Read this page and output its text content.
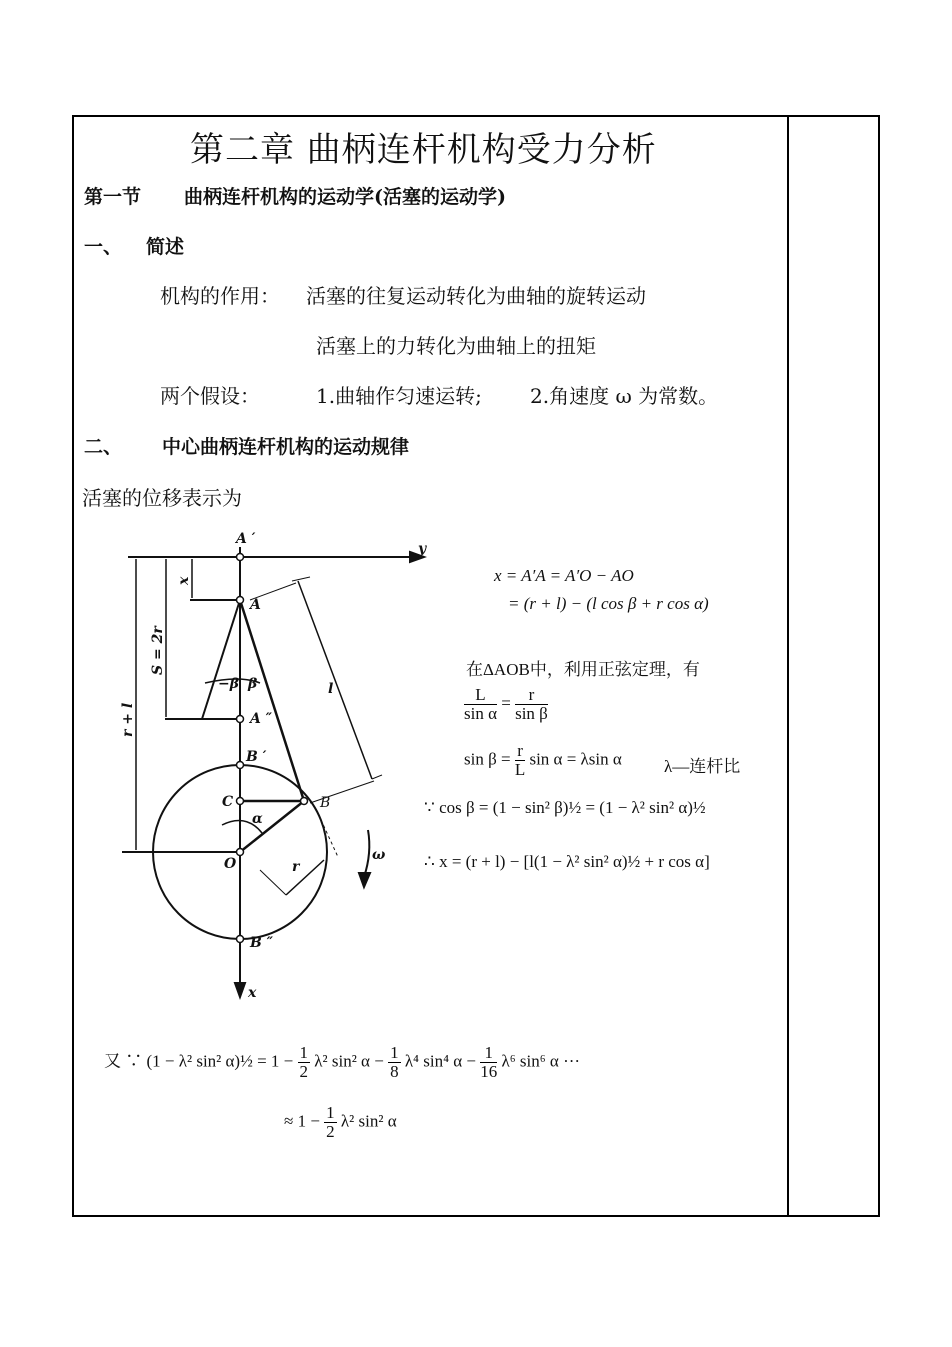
第二章 曲柄连杆机构受力分析
第一节 曲柄连杆机构的运动学(活塞的运动学)
一、 简述
机构的作用： 活塞的往复运动转化为曲轴的旋转运动
活塞上的力转化为曲轴上的扭矩
两个假设：	1.曲轴作匀速运转; 2.角速度 ω 为常数。
二、 中心曲柄连杆机构的运动规律
活塞的位移表示为
A ′
y
A
A ″
B ′
C	B
O
B ″
x
−β β
α
ω
l
r
x
S = 2r
r + l
x = A′A = A′O − AO
= (r + l) − (l cos β + r cos α)
在ΔAOB中，利用正弦定理，有
$\frac{L}{\text{sin α}} = \frac{r}{\text{sin β}}$
$\sin \beta = \frac{r}{L}$ sin α = λsin α λ—连杆比
∵ cos β = (1 − sin² β)½ = (1 − λ² sin² α)½
∴ x = (r + l) − [l(1 − λ² sin² α)½ + r cos α]
又 ∵ (1 − λ² sin² α)½ = $1 - \frac{1}{2} \lambda^2$ sin² $\alpha - \frac{1}{8} \lambda^4$ sin⁴ $\alpha - \frac{1}{16} \lambda^6$ sin⁶ α ···
≈ $1 - \frac{1}{2} \lambda^2$ sin² α
